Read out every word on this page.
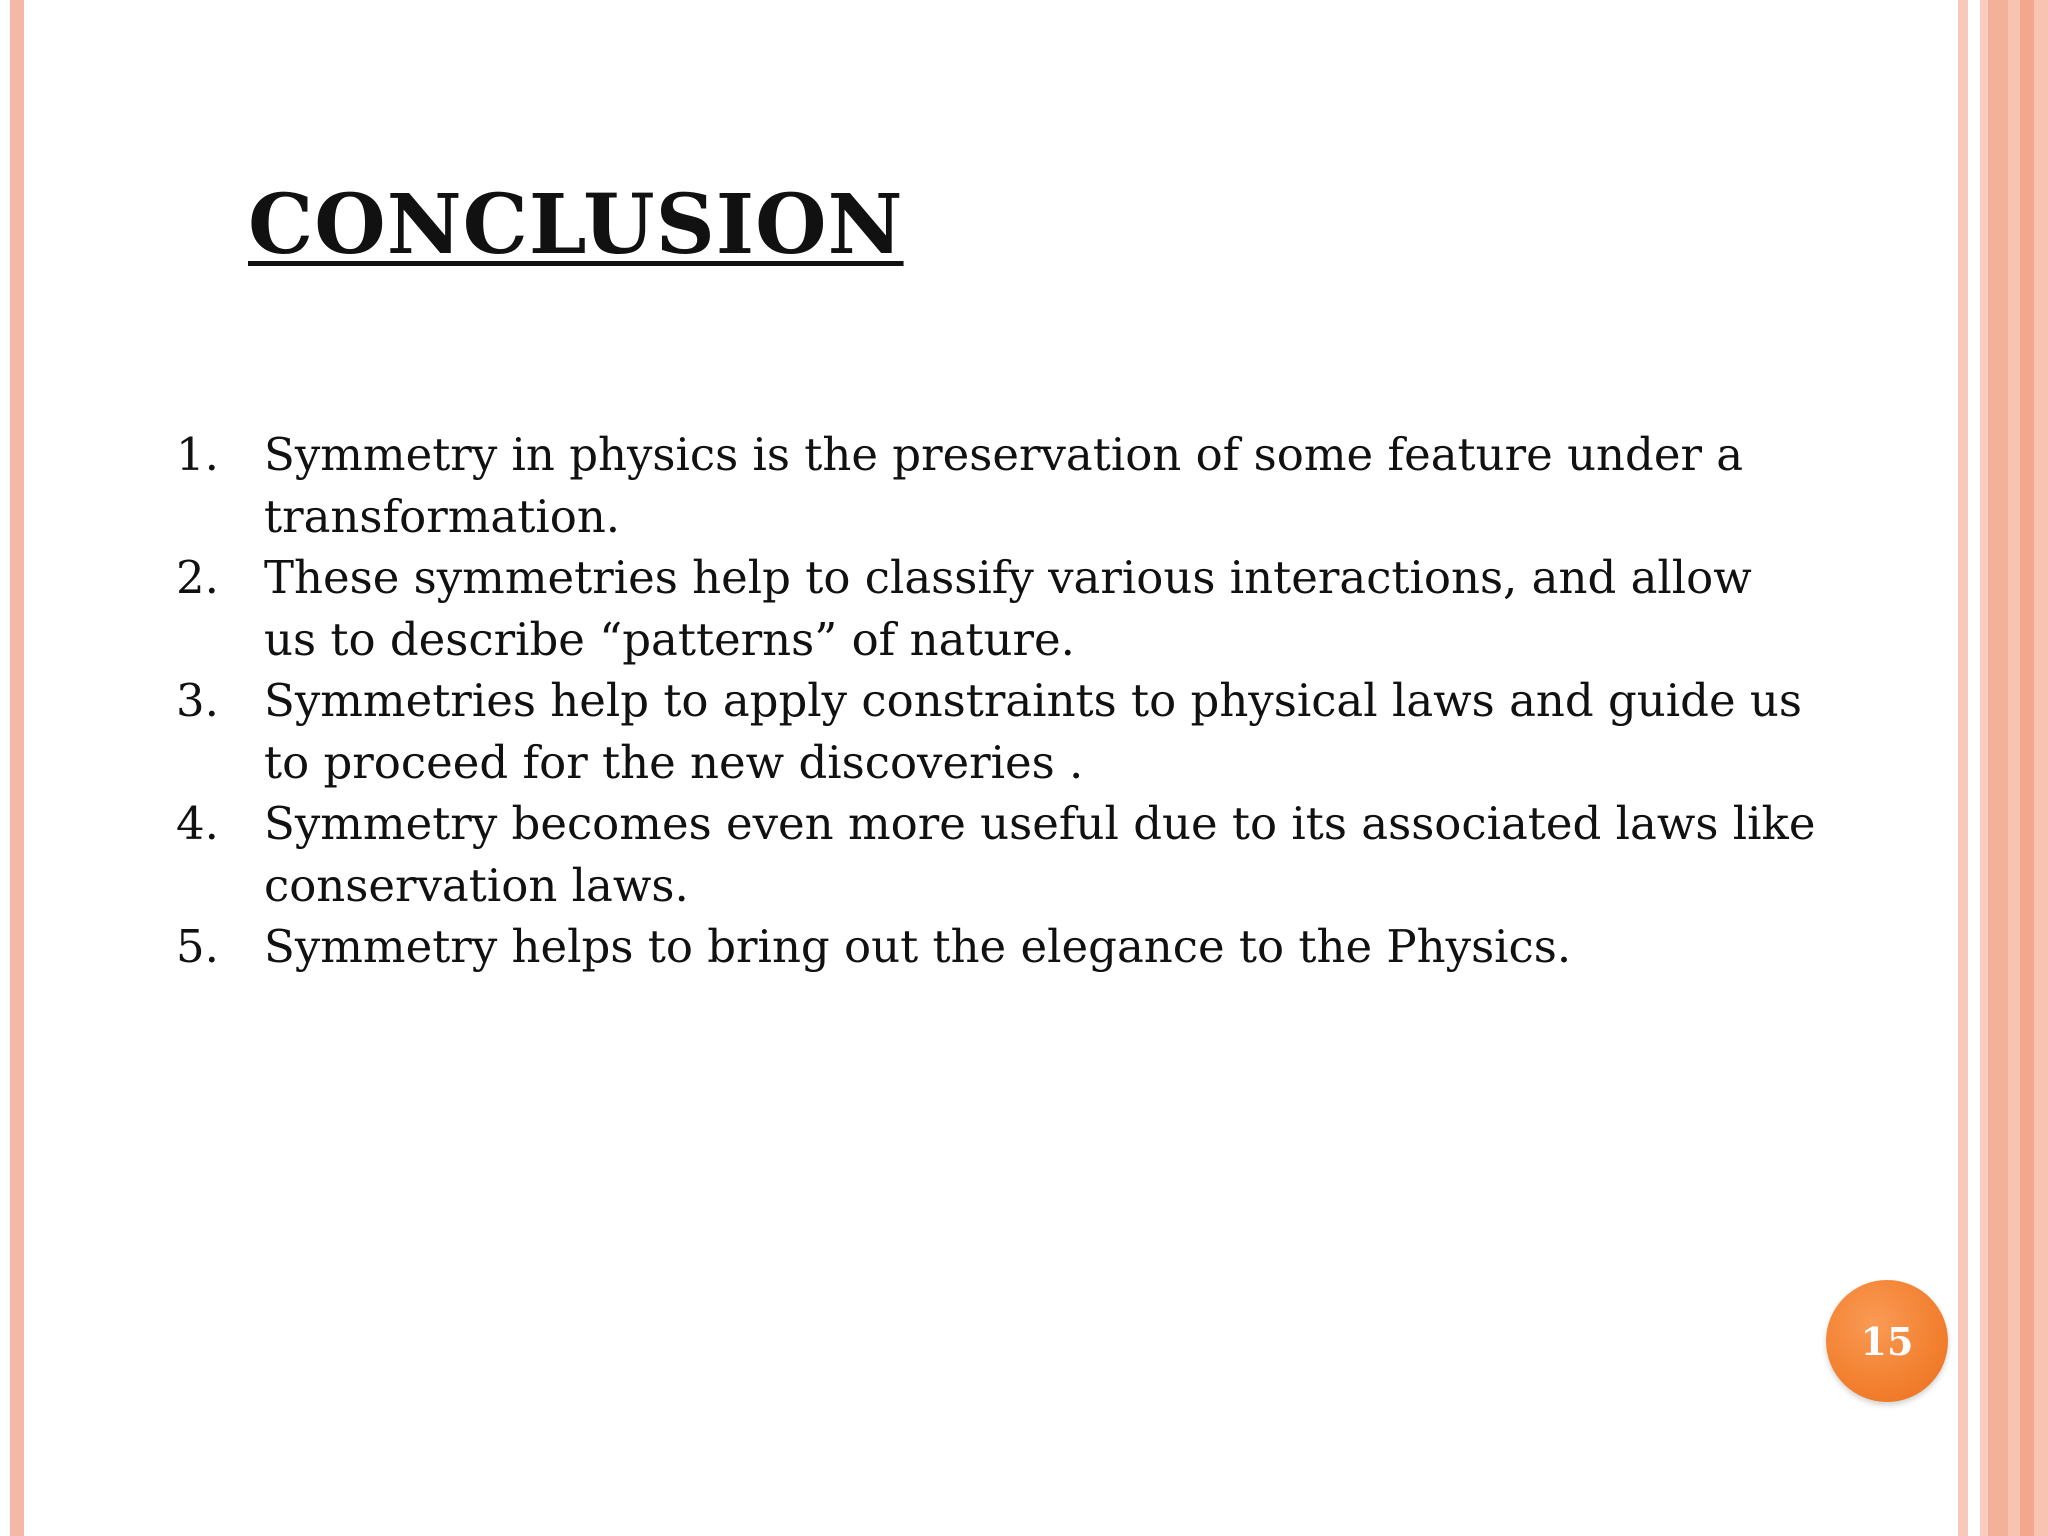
CONCLUSION
1. Symmetry in physics is the preservation of some feature under a transformation.
2. These symmetries help to classify various interactions, and allow us to describe “patterns” of nature.
3. Symmetries help to apply constraints to physical laws and guide us to proceed for the new discoveries .
4. Symmetry becomes even more useful due to its associated laws like conservation laws.
5. Symmetry helps to bring out the elegance to the Physics.
15
